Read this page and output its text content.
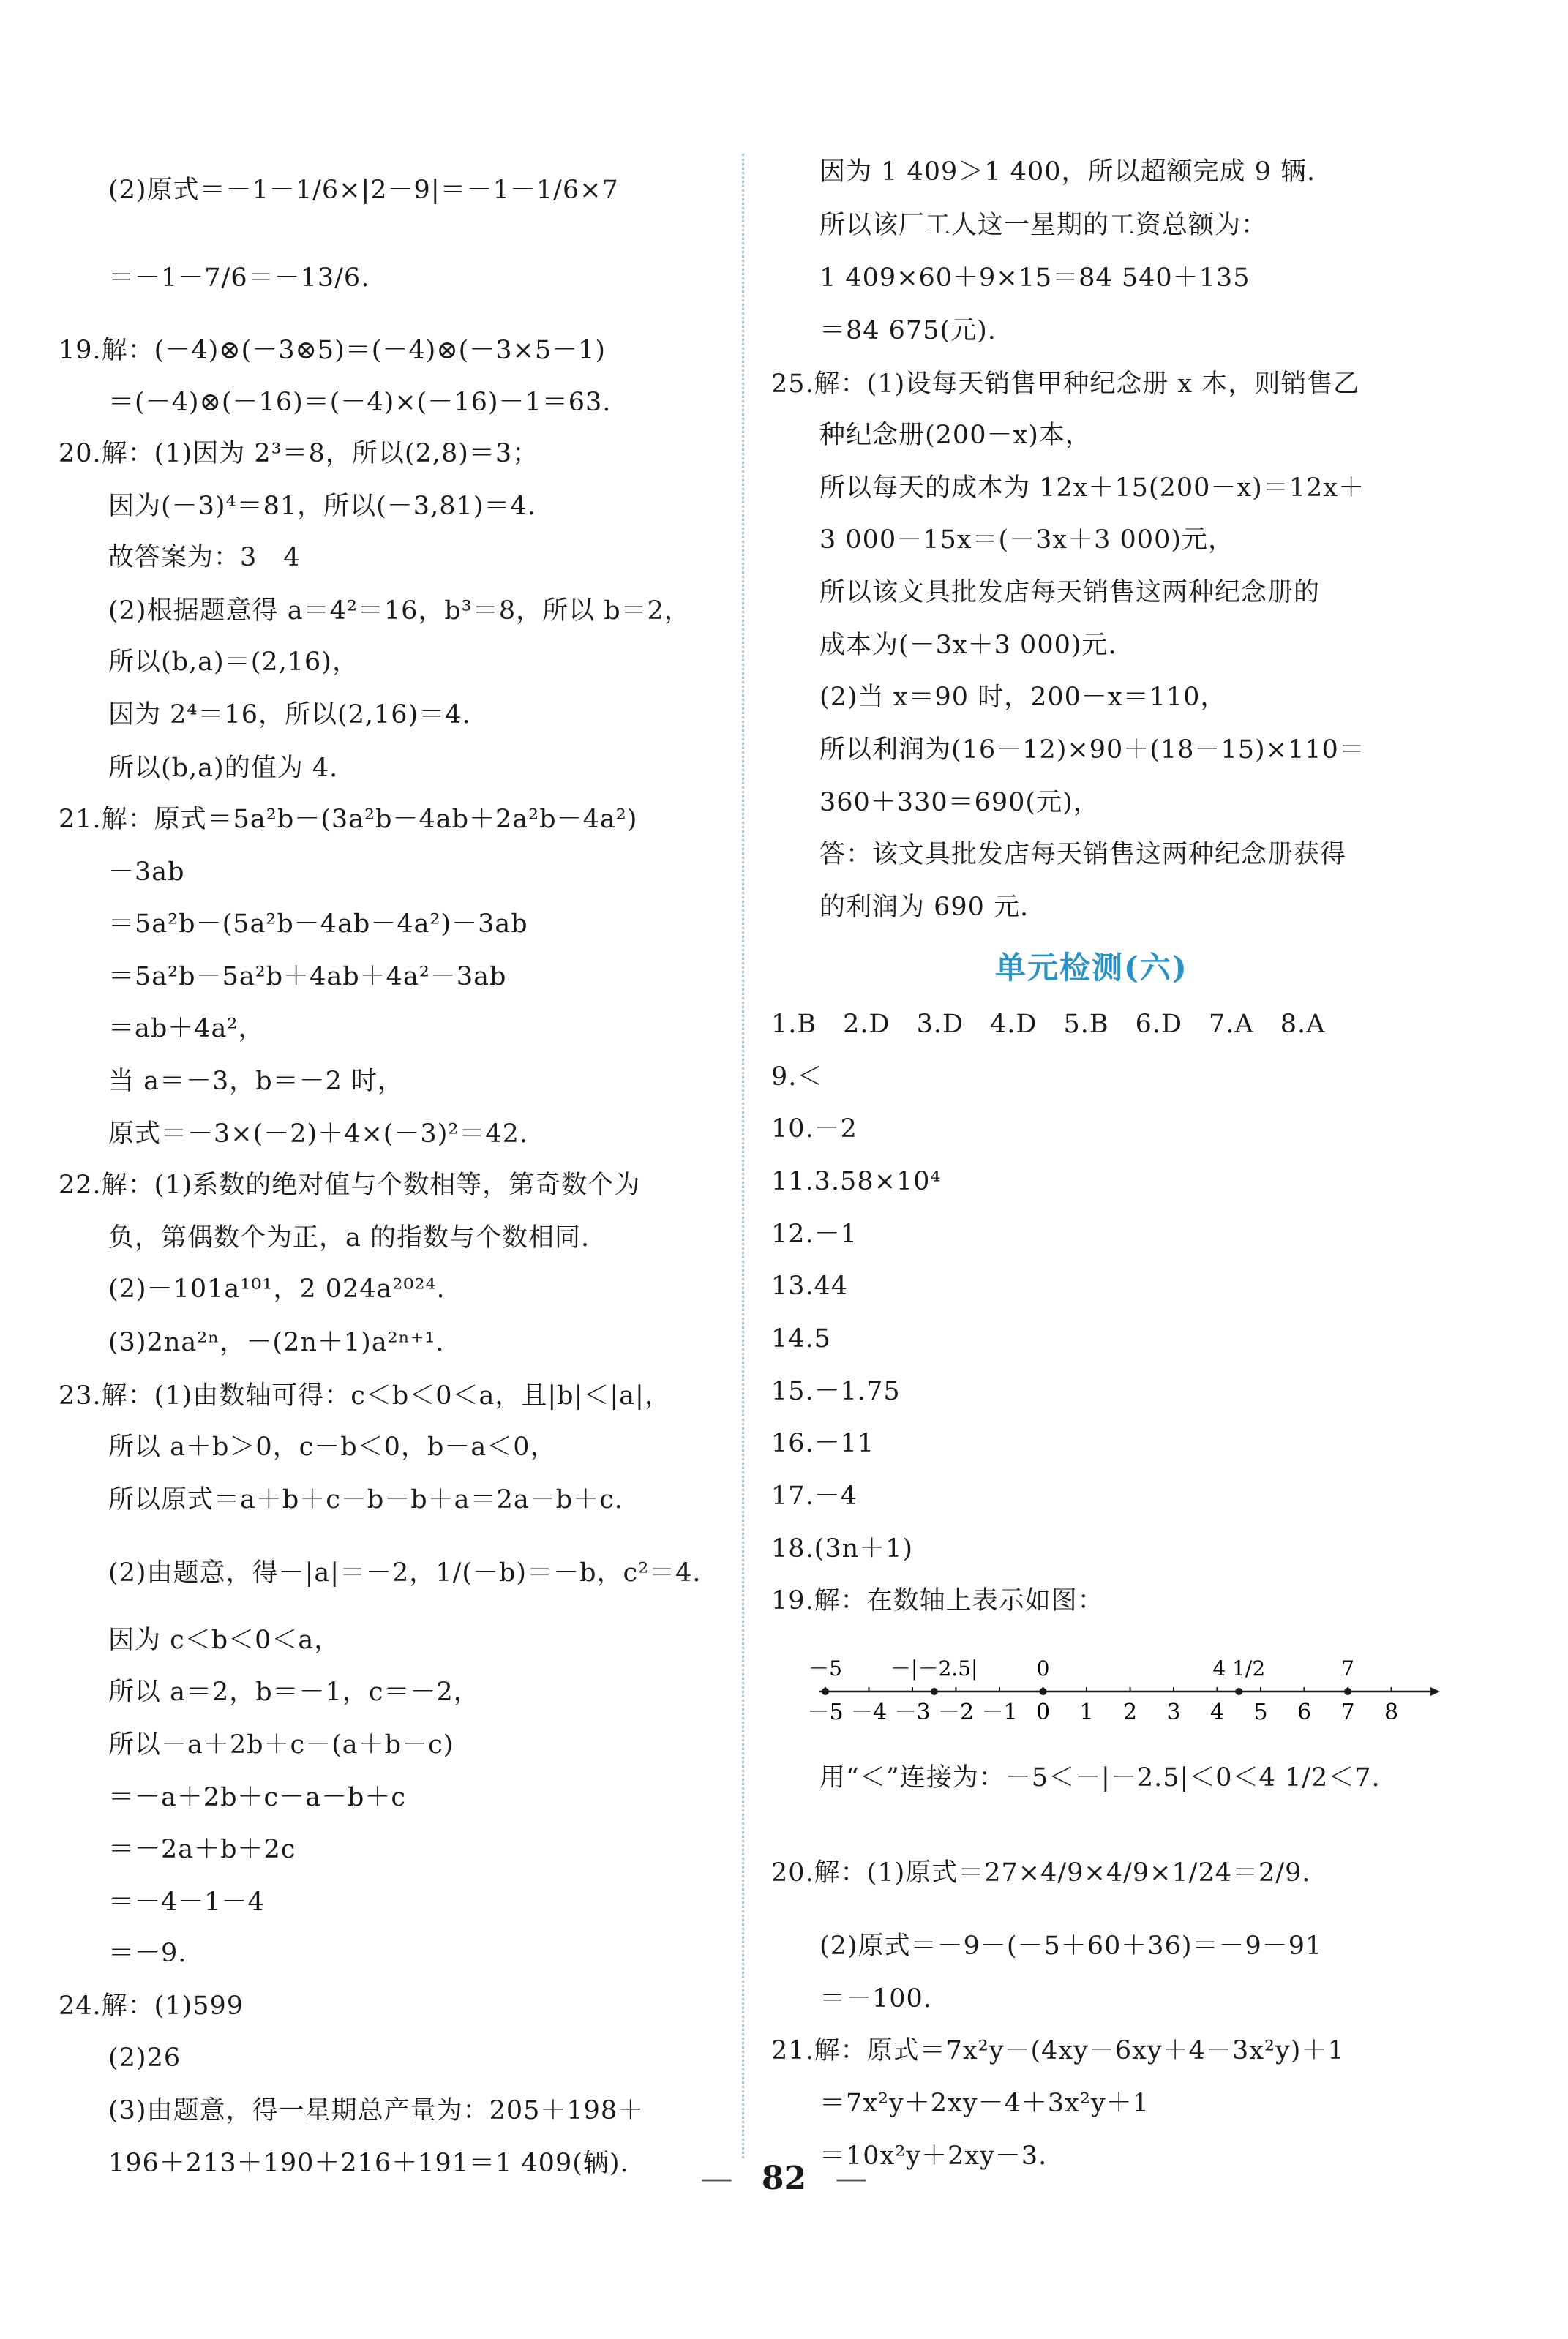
(2)原式＝－1－1/6×|2－9|＝－1－1/6×7
＝－1－7/6＝－13/6.
19.解：(－4)⊗(－3⊗5)＝(－4)⊗(－3×5－1)
＝(－4)⊗(－16)＝(－4)×(－16)－1＝63.
20.解：(1)因为 2³＝8，所以(2,8)＝3；
因为(－3)⁴＝81，所以(－3,81)＝4.
故答案为：3　4
(2)根据题意得 a＝4²＝16，b³＝8，所以 b＝2，
所以(b,a)＝(2,16)，
因为 2⁴＝16，所以(2,16)＝4.
所以(b,a)的值为 4.
21.解：原式＝5a²b－(3a²b－4ab＋2a²b－4a²)
－3ab
＝5a²b－(5a²b－4ab－4a²)－3ab
＝5a²b－5a²b＋4ab＋4a²－3ab
＝ab＋4a²，
当 a＝－3，b＝－2 时，
原式＝－3×(－2)＋4×(－3)²＝42.
22.解：(1)系数的绝对值与个数相等，第奇数个为
负，第偶数个为正，a 的指数与个数相同.
(2)－101a¹⁰¹，2 024a²⁰²⁴.
(3)2na²ⁿ，－(2n＋1)a²ⁿ⁺¹.
23.解：(1)由数轴可得：c＜b＜0＜a，且|b|＜|a|，
所以 a＋b＞0，c－b＜0，b－a＜0，
所以原式＝a＋b＋c－b－b＋a＝2a－b＋c.
(2)由题意，得－|a|＝－2，1/(－b)＝－b，c²＝4.
因为 c＜b＜0＜a，
所以 a＝2，b＝－1，c＝－2，
所以－a＋2b＋c－(a＋b－c)
＝－a＋2b＋c－a－b＋c
＝－2a＋b＋2c
＝－4－1－4
＝－9.
24.解：(1)599
(2)26
(3)由题意，得一星期总产量为：205＋198＋
196＋213＋190＋216＋191＝1 409(辆).
因为 1 409＞1 400，所以超额完成 9 辆.
所以该厂工人这一星期的工资总额为：
1 409×60＋9×15＝84 540＋135
＝84 675(元).
25.解：(1)设每天销售甲种纪念册 x 本，则销售乙
种纪念册(200－x)本，
所以每天的成本为 12x＋15(200－x)＝12x＋
3 000－15x＝(－3x＋3 000)元，
所以该文具批发店每天销售这两种纪念册的
成本为(－3x＋3 000)元.
(2)当 x＝90 时，200－x＝110，
所以利润为(16－12)×90＋(18－15)×110＝
360＋330＝690(元)，
答：该文具批发店每天销售这两种纪念册获得
的利润为 690 元.
1.B　2.D　3.D　4.D　5.B　6.D　7.A　8.A
9.＜
10.－2
11.3.58×10⁴
12.－1
13.44
14.5
15.－1.75
16.－11
17.－4
18.(3n＋1)
19.解：在数轴上表示如图：
用“＜”连接为：－5＜－|－2.5|＜0＜4 1/2＜7.
20.解：(1)原式＝27×4/9×4/9×1/24＝2/9.
(2)原式＝－9－(－5＋60＋36)＝－9－91
＝－100.
21.解：原式＝7x²y－(4xy－6xy＋4－3x²y)＋1
＝7x²y＋2xy－4＋3x²y＋1
＝10x²y＋2xy－3.
单元检测(六)
－5 －4 －3 －2 －1 0 1 2 3 4 5 6 7 8
－5 －|－2.5|	0	4 1/2	7
— 82 —
